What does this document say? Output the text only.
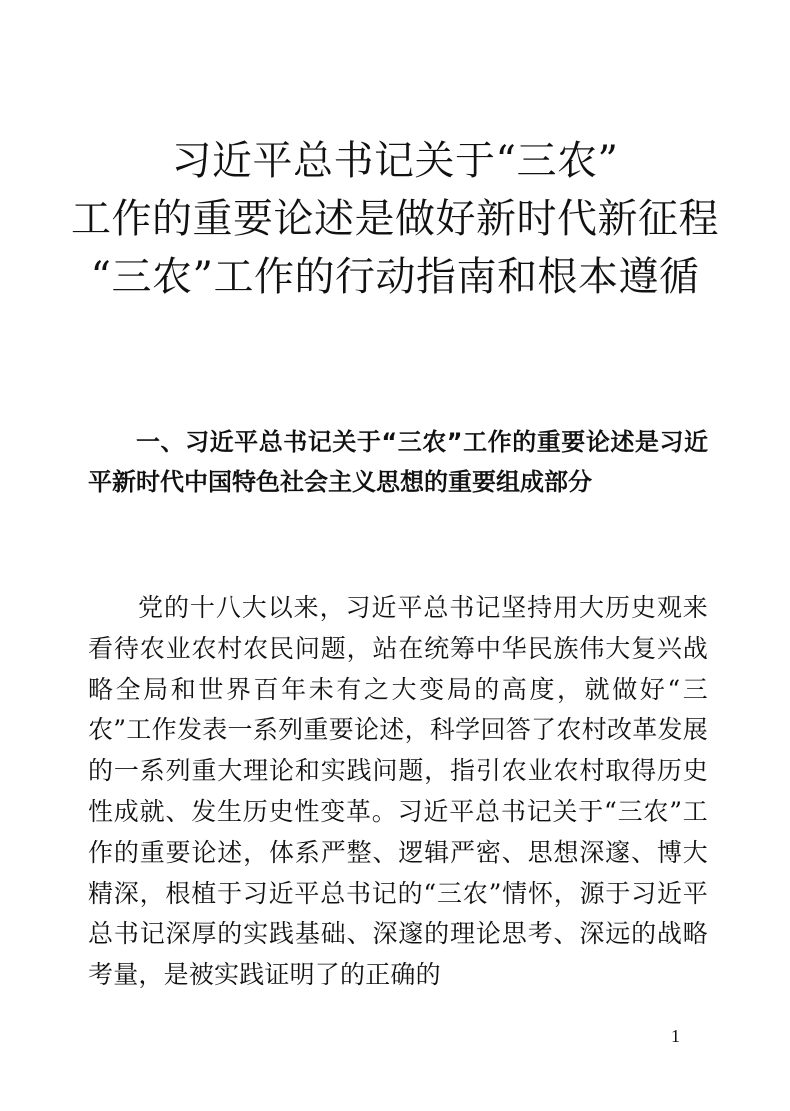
习近平总书记关于“三农”
工作的重要论述是做好新时代新征程
“三农”工作的行动指南和根本遵循
一、习近平总书记关于“三农”工作的重要论述是习近平新时代中国特色社会主义思想的重要组成部分

党的十八大以来，习近平总书记坚持用大历史观来看待农业农村农民问题，站在统筹中华民族伟大复兴战略全局和世界百年未有之大变局的高度，就做好“三农”工作发表一系列重要论述，科学回答了农村改革发展的一系列重大理论和实践问题，指引农业农村取得历史性成就、发生历史性变革。习近平总书记关于“三农”工作的重要论述，体系严整、逻辑严密、思想深邃、博大精深，根植于习近平总书记的“三农”情怀，源于习近平总书记深厚的实践基础、深邃的理论思考、深远的战略考量，是被实践证明了的正确的

1
